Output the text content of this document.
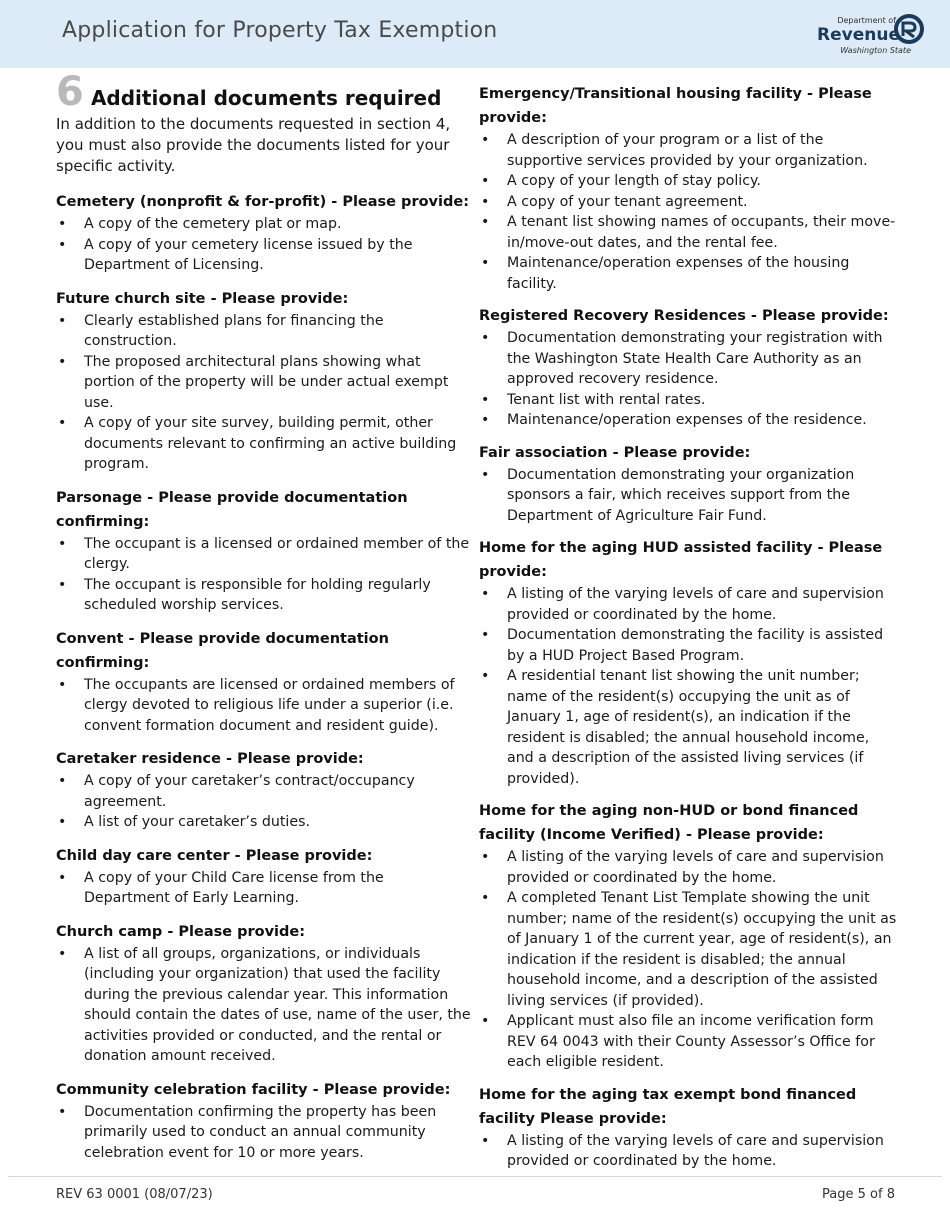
Application for Property Tax Exemption	Department of
Revenue
Washington State
6 Additional documents required

In addition to the documents requested in section 4, you must also provide the documents listed for your specific activity.

Cemetery (nonprofit & for-profit) - Please provide:
• A copy of the cemetery plat or map.
• A copy of your cemetery license issued by the Department of Licensing.
Future church site - Please provide:
• Clearly established plans for financing the construction.
• The proposed architectural plans showing what portion of the property will be under actual exempt use.
• A copy of your site survey, building permit, other documents relevant to confirming an active building program.
Parsonage - Please provide documentation confirming:
• The occupant is a licensed or ordained member of the clergy.
• The occupant is responsible for holding regularly scheduled worship services.
Convent - Please provide documentation confirming:
• The occupants are licensed or ordained members of clergy devoted to religious life under a superior (i.e. convent formation document and resident guide).
Caretaker residence - Please provide:
• A copy of your caretaker’s contract/occupancy agreement.
• A list of your caretaker’s duties.
Child day care center - Please provide:
• A copy of your Child Care license from the Department of Early Learning.
Church camp - Please provide:
• A list of all groups, organizations, or individuals (including your organization) that used the facility during the previous calendar year. This information should contain the dates of use, name of the user, the activities provided or conducted, and the rental or donation amount received.
Community celebration facility - Please provide:
• Documentation confirming the property has been primarily used to conduct an annual community celebration event for 10 or more years.
Emergency/Transitional housing facility - Please provide:
• A description of your program or a list of the supportive services provided by your organization.
• A copy of your length of stay policy.
• A copy of your tenant agreement.
• A tenant list showing names of occupants, their move- in/move-out dates, and the rental fee.
• Maintenance/operation expenses of the housing facility.
Registered Recovery Residences - Please provide:
• Documentation demonstrating your registration with the Washington State Health Care Authority as an approved recovery residence.
• Tenant list with rental rates.
• Maintenance/operation expenses of the residence.
Fair association - Please provide:
• Documentation demonstrating your organization sponsors a fair, which receives support from the Department of Agriculture Fair Fund.
Home for the aging HUD assisted facility - Please provide:
• A listing of the varying levels of care and supervision provided or coordinated by the home.
• Documentation demonstrating the facility is assisted by a HUD Project Based Program.
• A residential tenant list showing the unit number; name of the resident(s) occupying the unit as of January 1, age of resident(s), an indication if the resident is disabled; the annual household income, and a description of the assisted living services (if provided).
Home for the aging non-HUD or bond financed facility (Income Verified) - Please provide:
• A listing of the varying levels of care and supervision provided or coordinated by the home.
• A completed Tenant List Template showing the unit number; name of the resident(s) occupying the unit as of January 1 of the current year, age of resident(s), an indication if the resident is disabled; the annual household income, and a description of the assisted living services (if provided).
• Applicant must also file an income verification form REV 64 0043 with their County Assessor’s Office for each eligible resident.
Home for the aging tax exempt bond financed facility Please provide:
• A listing of the varying levels of care and supervision provided or coordinated by the home.
REV 63 0001 (08/07/23)	Page 5 of 8
